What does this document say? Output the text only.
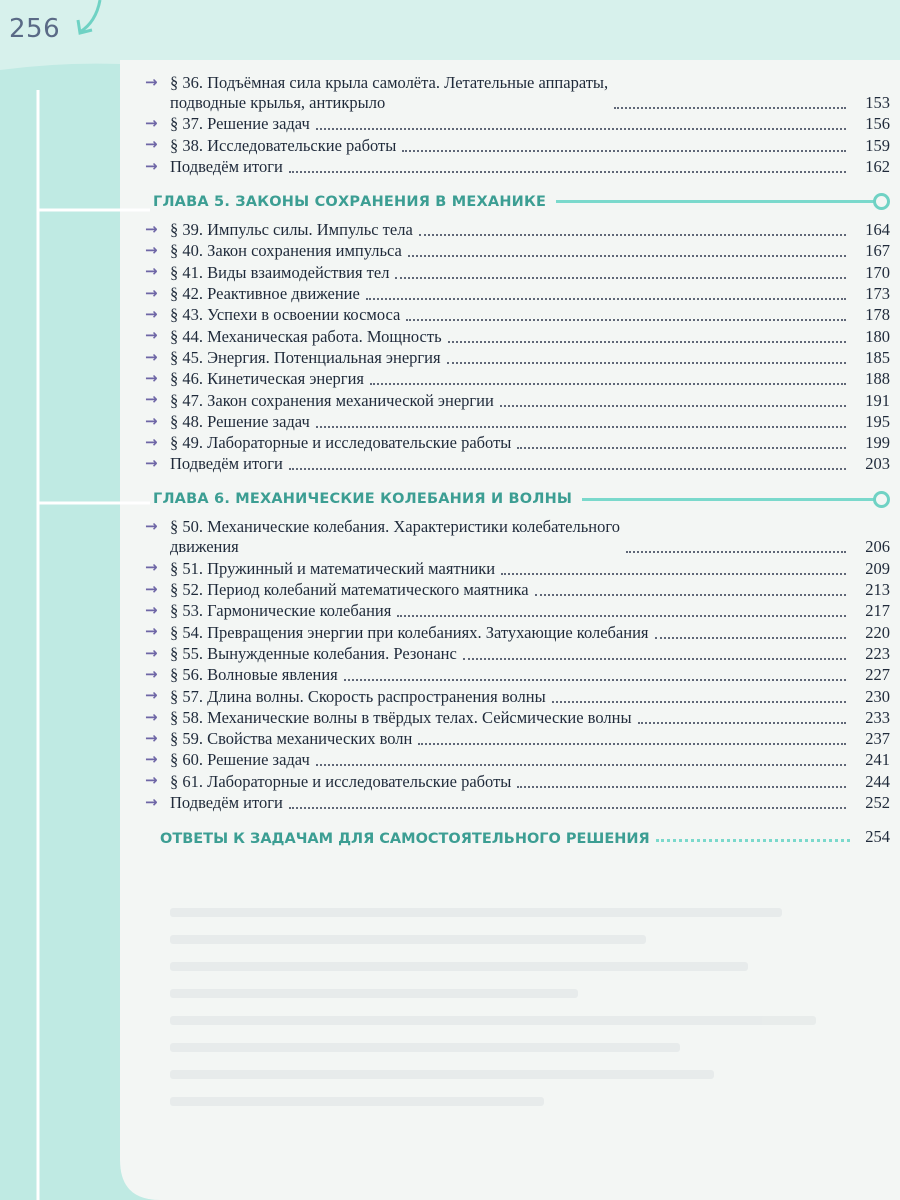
256
→ § 36. Подъёмная сила крыла самолёта. Летательные аппараты,
подводные крылья, антикрыло	153
→ § 37. Решение задач	156
→ § 38. Исследовательские работы	159
→ Подведём итоги	162
ГЛАВА 5. ЗАКОНЫ СОХРАНЕНИЯ В МЕХАНИКЕ
→ § 39. Импульс силы. Импульс тела	164
→ § 40. Закон сохранения импульса	167
→ § 41. Виды взаимодействия тел	170
→ § 42. Реактивное движение	173
→ § 43. Успехи в освоении космоса	178
→ § 44. Механическая работа. Мощность	180
→ § 45. Энергия. Потенциальная энергия	185
→ § 46. Кинетическая энергия	188
→ § 47. Закон сохранения механической энергии	191
→ § 48. Решение задач	195
→ § 49. Лабораторные и исследовательские работы	199
→ Подведём итоги	203
ГЛАВА 6. МЕХАНИЧЕСКИЕ КОЛЕБАНИЯ И ВОЛНЫ
→ § 50. Механические колебания. Характеристики колебательного
движения	206
→ § 51. Пружинный и математический маятники	209
→ § 52. Период колебаний математического маятника	213
→ § 53. Гармонические колебания	217
→ § 54. Превращения энергии при колебаниях. Затухающие колебания	220
→ § 55. Вынужденные колебания. Резонанс	223
→ § 56. Волновые явления	227
→ § 57. Длина волны. Скорость распространения волны	230
→ § 58. Механические волны в твёрдых телах. Сейсмические волны	233
→ § 59. Свойства механических волн	237
→ § 60. Решение задач	241
→ § 61. Лабораторные и исследовательские работы	244
→ Подведём итоги	252
ОТВЕТЫ К ЗАДАЧАМ ДЛЯ САМОСТОЯТЕЛЬНОГО РЕШЕНИЯ	254
